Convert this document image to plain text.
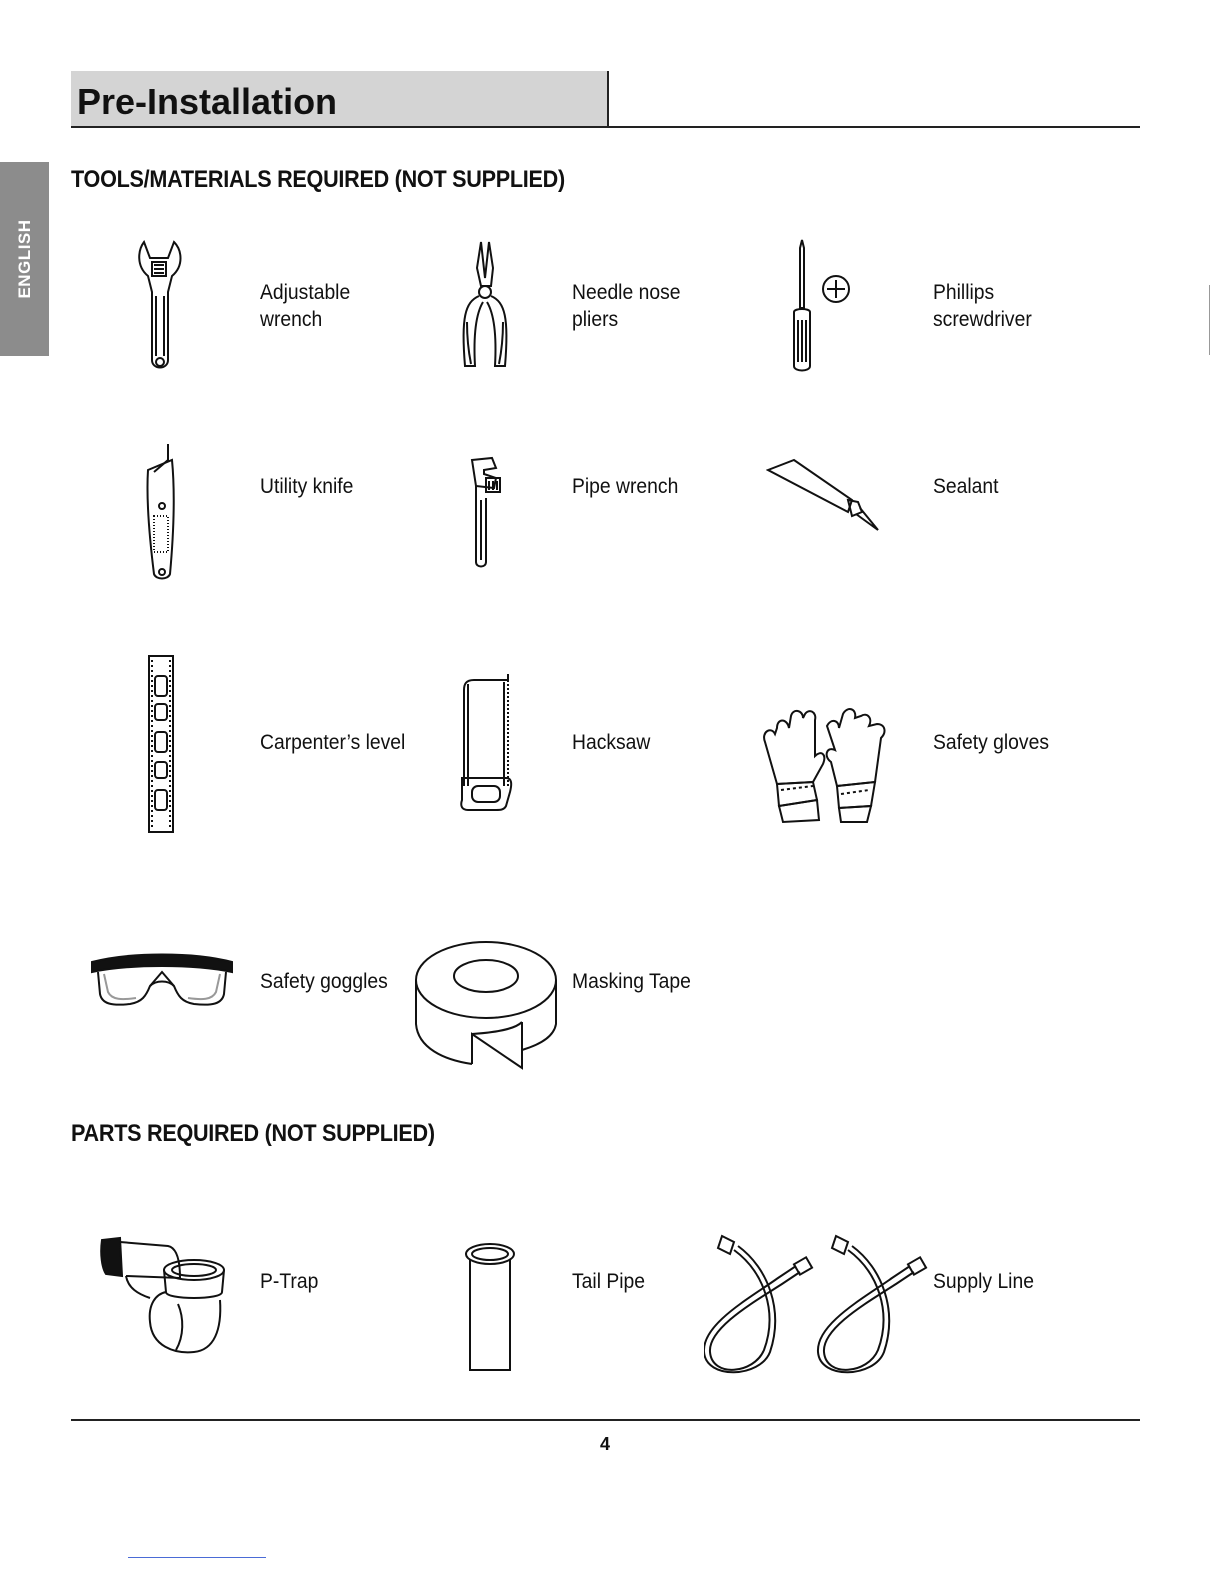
ENGLISH
Pre-Installation
TOOLS/MATERIALS REQUIRED (NOT SUPPLIED)
Adjustable
wrench
Needle nose
pliers
Phillips
screwdriver
Utility knife	Pipe wrench	Sealant
Carpenter’s level	Hacksaw	Safety gloves
Safety goggles	Masking Tape
PARTS REQUIRED (NOT SUPPLIED)
P-Trap	Tail Pipe	Supply Line
4
